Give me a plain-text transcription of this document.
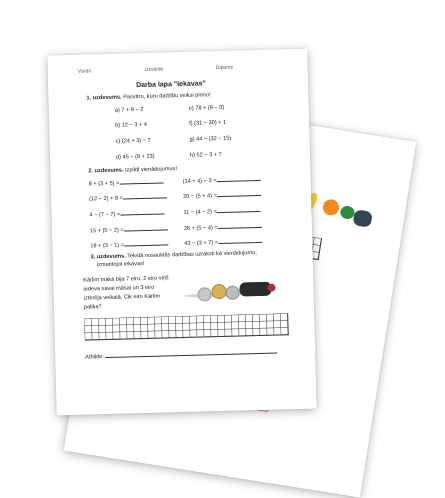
Vārds	Uzvārds	Datums
Darba lapa "Iekavas"
1. uzdevums. Pasvītro, kuru darbību veiksi pirmo!
a) 7 + 9 − 2	e) 78 + (9 − 0)
b) 12 − 3 + 4	f) (31 − 30) + 1
c) (24 + 3) − 7	g) 44 − (32 − 15)
d) 45 − (9 + 23)	h) 52 − 3 + 7
2. uzdevums. Izpildi vienādojumus!
8 + (3 + 5) =	(14 + 4) − 3 =
(12 − 2) + 9 =	20 − (5 + 4) =
4 − (7 − 7) =	11 − (4 − 2) =
15 + (5 − 2) =	26 + (5 − 4) =
19 + (3 − 1) =	43 − (3 + 7) =
3. uzdevums. Tekstā nosauktās darbības uzraksti kā vienādojumu,
izmantojot iekavas!
Kārlim makā bija 7 eiro. 2 eiro viņš
iedeva savai māsai un 3 eiro
iztērēja veikalā. Cik eiro Kārlim
palika?
Atbilde:
